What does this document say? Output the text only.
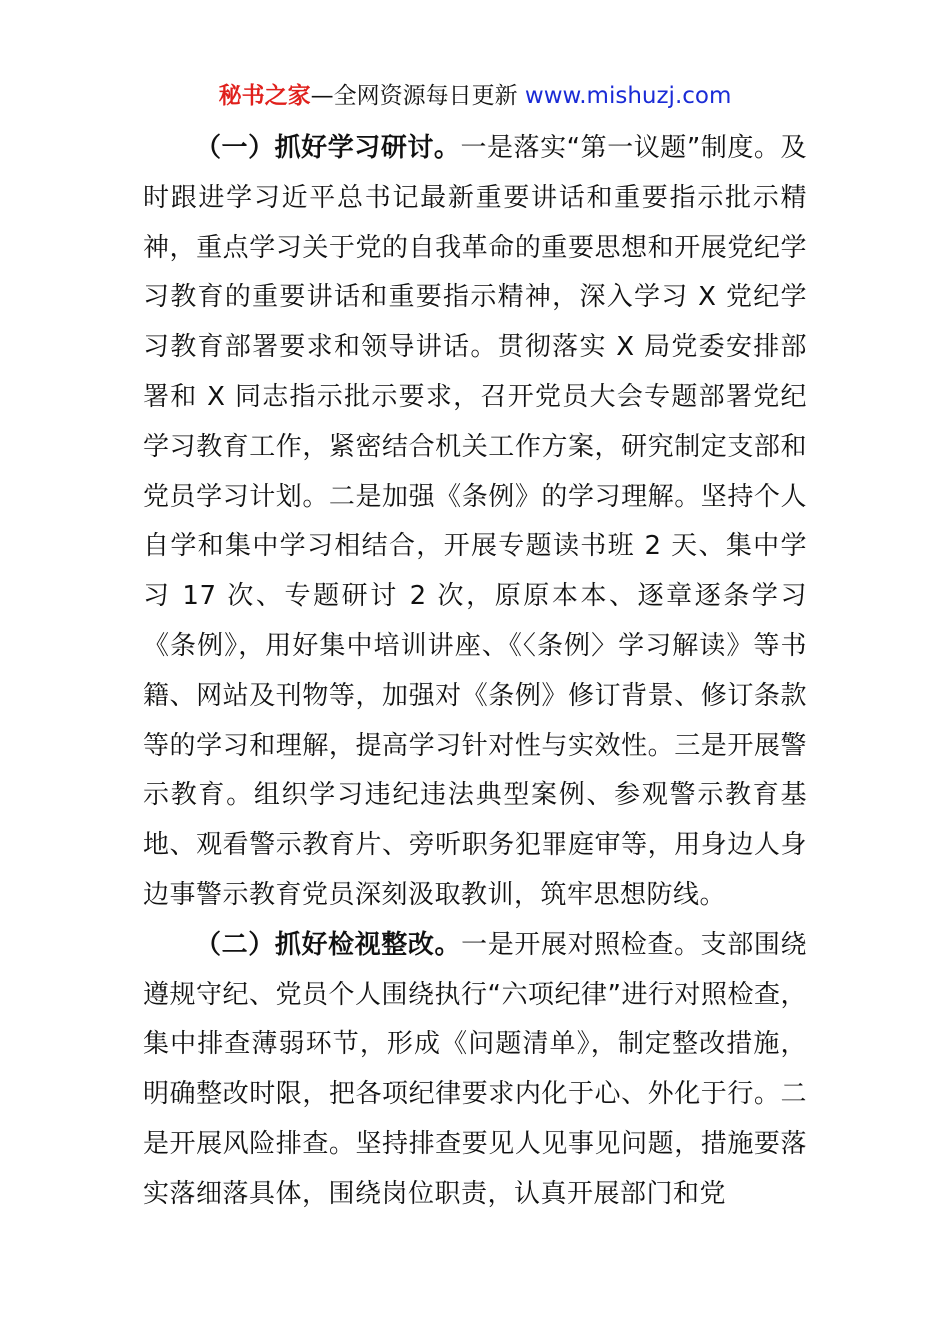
秘书之家—全网资源每日更新 www.mishuzj.com

（一）抓好学习研讨。一是落实“第一议题”制度。及时跟进学习近平总书记最新重要讲话和重要指示批示精神，重点学习关于党的自我革命的重要思想和开展党纪学习教育的重要讲话和重要指示精神，深入学习 X 党纪学习教育部署要求和领导讲话。贯彻落实 X 局党委安排部署和 X 同志指示批示要求，召开党员大会专题部署党纪学习教育工作，紧密结合机关工作方案，研究制定支部和党员学习计划。二是加强《条例》的学习理解。坚持个人自学和集中学习相结合，开展专题读书班 2 天、集中学习 17 次、专题研讨 2 次，原原本本、逐章逐条学习《条例》，用好集中培训讲座、《〈条例〉学习解读》等书籍、网站及刊物等，加强对《条例》修订背景、修订条款等的学习和理解，提高学习针对性与实效性。三是开展警示教育。组织学习违纪违法典型案例、参观警示教育基地、观看警示教育片、旁听职务犯罪庭审等，用身边人身边事警示教育党员深刻汲取教训，筑牢思想防线。

（二）抓好检视整改。一是开展对照检查。支部围绕遵规守纪、党员个人围绕执行“六项纪律”进行对照检查，集中排查薄弱环节，形成《问题清单》，制定整改措施，明确整改时限，把各项纪律要求内化于心、外化于行。二是开展风险排查。坚持排查要见人见事见问题，措施要落实落细落具体，围绕岗位职责，认真开展部门和党
